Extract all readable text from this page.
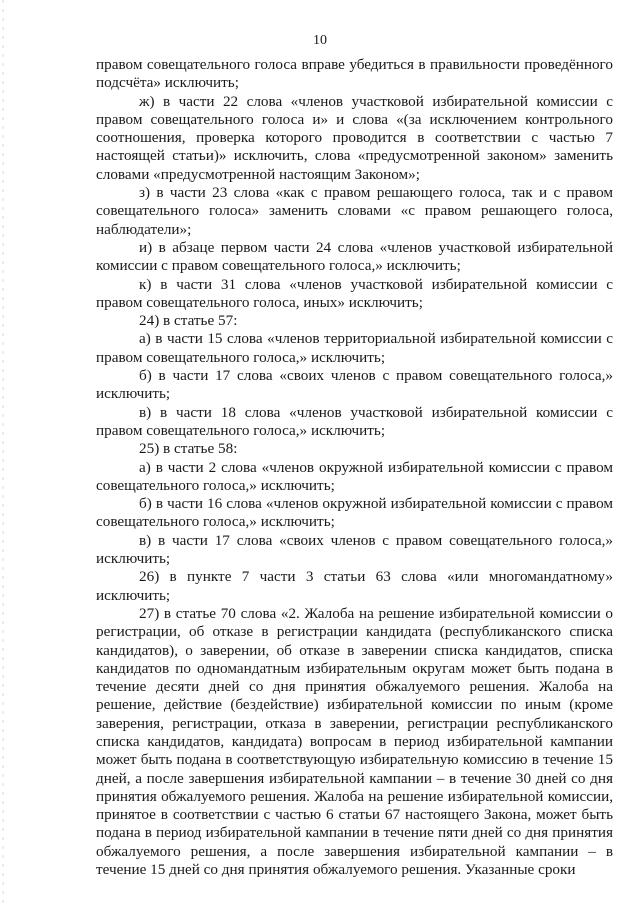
10

правом совещательного голоса вправе убедиться в правильности проведённого подсчёта» исключить;

ж) в части 22 слова «членов участковой избирательной комиссии с правом совещательного голоса и» и слова «(за исключением контрольного соотношения, проверка которого проводится в соответствии с частью 7 настоящей статьи)» исключить, слова «предусмотренной законом» заменить словами «предусмотренной настоящим Законом»;

з) в части 23 слова «как с правом решающего голоса, так и с правом совещательного голоса» заменить словами «с правом решающего голоса, наблюдатели»;

и) в абзаце первом части 24 слова «членов участковой избирательной комиссии с правом совещательного голоса,» исключить;

к) в части 31 слова «членов участковой избирательной комиссии с правом совещательного голоса, иных» исключить;

24) в статье 57:

а) в части 15 слова «членов территориальной избирательной комиссии с правом совещательного голоса,» исключить;

б) в части 17 слова «своих членов с правом совещательного голоса,» исключить;

в) в части 18 слова «членов участковой избирательной комиссии с правом совещательного голоса,» исключить;

25) в статье 58:

а) в части 2 слова «членов окружной избирательной комиссии с правом совещательного голоса,» исключить;

б) в части 16 слова «членов окружной избирательной комиссии с правом совещательного голоса,» исключить;

в) в части 17 слова «своих членов с правом совещательного голоса,» исключить;

26) в пункте 7 части 3 статьи 63 слова «или многомандатному» исключить;

27) в статье 70 слова «2. Жалоба на решение избирательной комиссии о регистрации, об отказе в регистрации кандидата (республиканского списка кандидатов), о заверении, об отказе в заверении списка кандидатов, списка кандидатов по одномандатным избирательным округам может быть подана в течение десяти дней со дня принятия обжалуемого решения. Жалоба на решение, действие (бездействие) избирательной комиссии по иным (кроме заверения, регистрации, отказа в заверении, регистрации республиканского списка кандидатов, кандидата) вопросам в период избирательной кампании может быть подана в соответствующую избирательную комиссию в течение 15 дней, а после завершения избирательной кампании – в течение 30 дней со дня принятия обжалуемого решения. Жалоба на решение избирательной комиссии, принятое в соответствии с частью 6 статьи 67 настоящего Закона, может быть подана в период избирательной кампании в течение пяти дней со дня принятия обжалуемого решения, а после завершения избирательной кампании – в течение 15 дней со дня принятия обжалуемого решения. Указанные сроки
